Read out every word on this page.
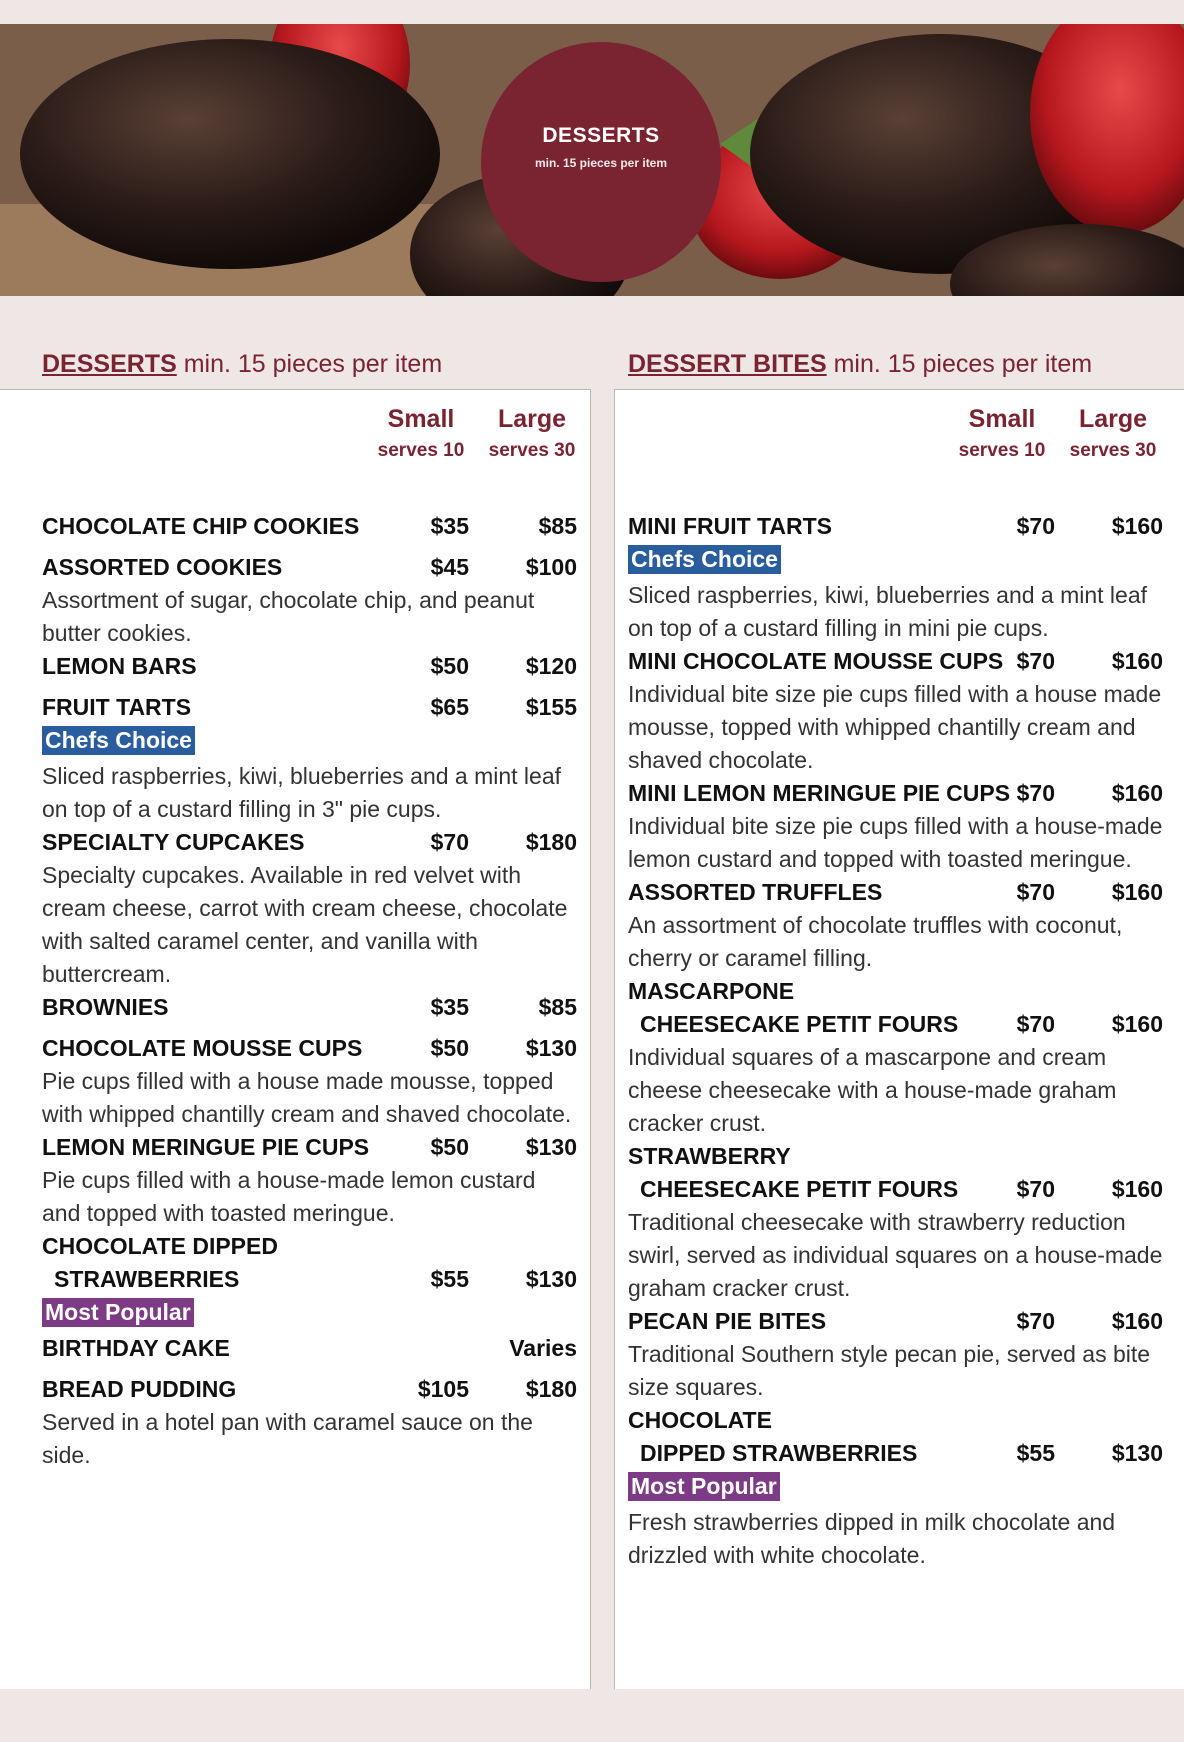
DESSERTS
min. 15 pieces per item
DESSERTS min. 15 pieces per item	DESSERT BITES min. 15 pieces per item
Small
serves 10
Large
serves 30
Small
serves 10
Large
serves 30
CHOCOLATE CHIP COOKIES	$35	$85
ASSORTED COOKIES	$45 $100
Assortment of sugar, chocolate chip, and peanut butter cookies.
LEMON BARS	$50 $120
FRUIT TARTS	$65 $155
Chefs Choice
Sliced raspberries, kiwi, blueberries and a mint leaf on top of a custard filling in 3" pie cups.
SPECIALTY CUPCAKES	$70 $180
Specialty cupcakes. Available in red velvet with cream cheese, carrot with cream cheese, chocolate with salted caramel center, and vanilla with buttercream.
BROWNIES	$35	$85
CHOCOLATE MOUSSE CUPS	$50 $130
Pie cups filled with a house made mousse, topped with whipped chantilly cream and shaved chocolate.
LEMON MERINGUE PIE CUPS	$50 $130
Pie cups filled with a house-made lemon custard and topped with toasted meringue.
CHOCOLATE DIPPED
STRAWBERRIES	$55 $130
Most Popular
BIRTHDAY CAKE	Varies
BREAD PUDDING	$105 $180
Served in a hotel pan with caramel sauce on the side.
MINI FRUIT TARTS	$70 $160
Chefs Choice
Sliced raspberries, kiwi, blueberries and a mint leaf on top of a custard filling in mini pie cups.
MINI CHOCOLATE MOUSSE CUPS $70 $160
Individual bite size pie cups filled with a house made mousse, topped with whipped chantilly cream and shaved chocolate.
MINI LEMON MERINGUE PIE CUPS $70 $160
Individual bite size pie cups filled with a house-made lemon custard and topped with toasted meringue.
ASSORTED TRUFFLES	$70 $160
An assortment of chocolate truffles with coconut, cherry or caramel filling.
MASCARPONE
CHEESECAKE PETIT FOURS	$70 $160
Individual squares of a mascarpone and cream cheese cheesecake with a house-made graham cracker crust.
STRAWBERRY
CHEESECAKE PETIT FOURS	$70 $160
Traditional cheesecake with strawberry reduction swirl, served as individual squares on a house-made graham cracker crust.
PECAN PIE BITES	$70 $160
Traditional Southern style pecan pie, served as bite size squares.
CHOCOLATE
DIPPED STRAWBERRIES	$55 $130
Most Popular
Fresh strawberries dipped in milk chocolate and drizzled with white chocolate.
